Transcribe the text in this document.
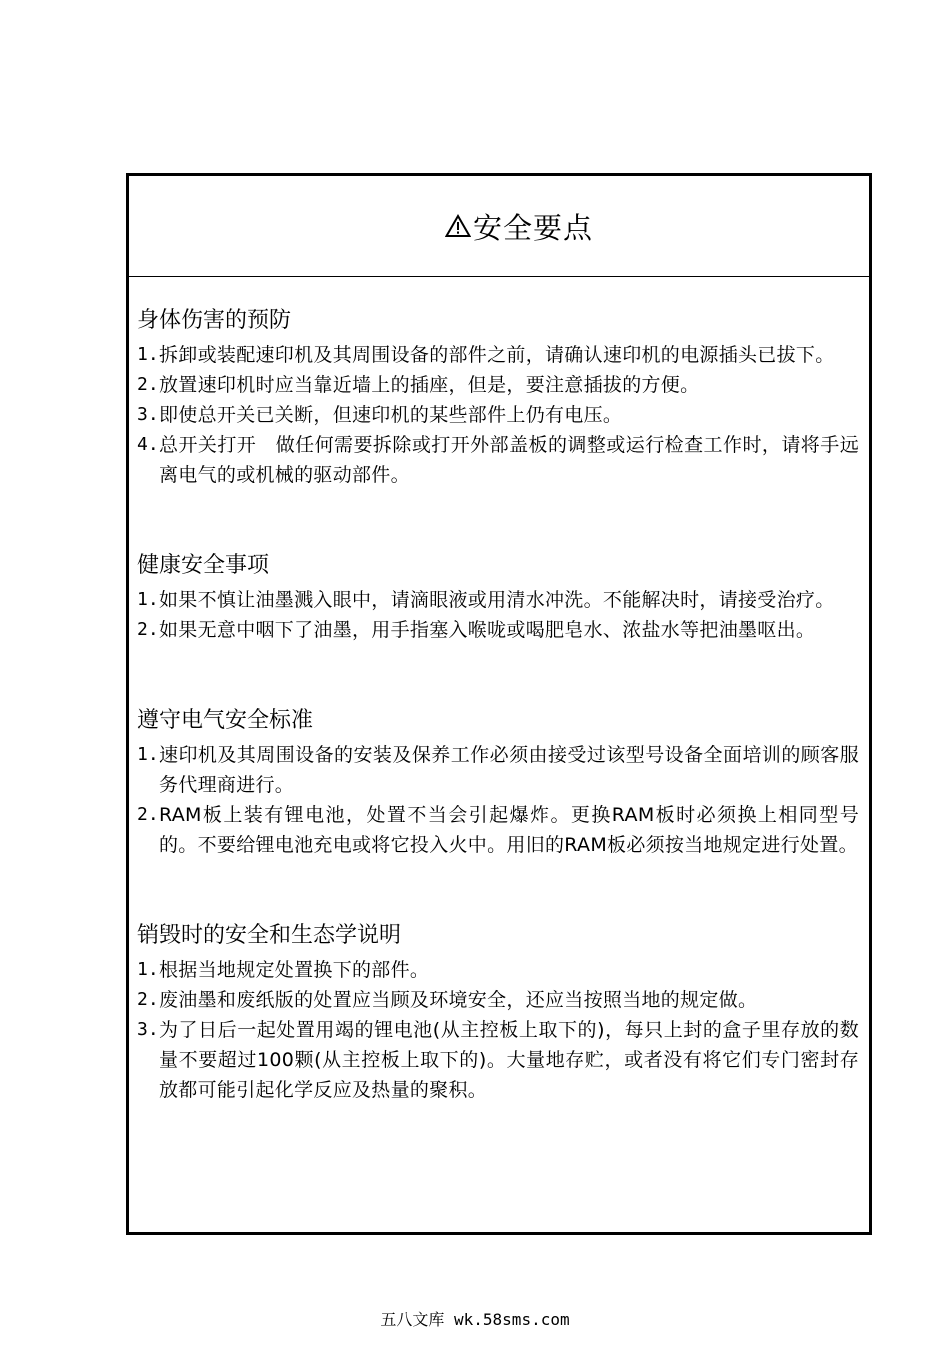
安全要点
身体伤害的预防
1. 拆卸或装配速印机及其周围设备的部件之前，请确认速印机的电源插头已拔下。
2. 放置速印机时应当靠近墙上的插座，但是，要注意插拔的方便。
3. 即使总开关已关断，但速印机的某些部件上仍有电压。
4. 总开关打开　做任何需要拆除或打开外部盖板的调整或运行检查工作时，请将手远离电气的或机械的驱动部件。
健康安全事项
1. 如果不慎让油墨溅入眼中，请滴眼液或用清水冲洗。不能解决时，请接受治疗。
2. 如果无意中咽下了油墨，用手指塞入喉咙或喝肥皂水、浓盐水等把油墨呕出。
遵守电气安全标准
1. 速印机及其周围设备的安装及保养工作必须由接受过该型号设备全面培训的顾客服务代理商进行。
2. RAM板上装有锂电池，处置不当会引起爆炸。更换RAM板时必须换上相同型号的。不要给锂电池充电或将它投入火中。用旧的RAM板必须按当地规定进行处置。
销毁时的安全和生态学说明
1. 根据当地规定处置换下的部件。
2. 废油墨和废纸版的处置应当顾及环境安全，还应当按照当地的规定做。
3. 为了日后一起处置用竭的锂电池(从主控板上取下的)，每只上封的盒子里存放的数量不要超过100颗(从主控板上取下的)。大量地存贮，或者没有将它们专门密封存放都可能引起化学反应及热量的聚积。
五八文库 wk.58sms.com
